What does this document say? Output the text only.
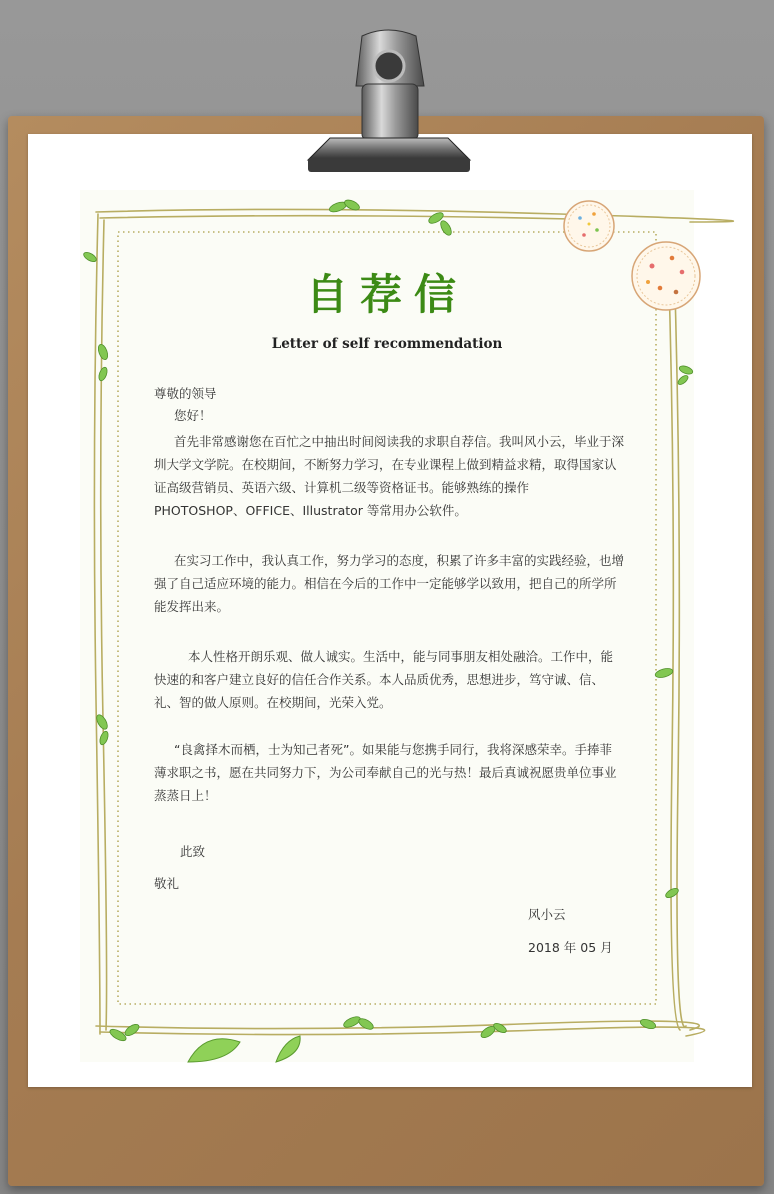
自荐信
Letter of self recommendation
尊敬的领导
您好！
首先非常感谢您在百忙之中抽出时间阅读我的求职自荐信。我叫风小云，毕业于深圳大学文学院。在校期间，不断努力学习，在专业课程上做到精益求精，取得国家认证高级营销员、英语六级、计算机二级等资格证书。能够熟练的操作 PHOTOSHOP、OFFICE、Illustrator 等常用办公软件。
在实习工作中，我认真工作，努力学习的态度，积累了许多丰富的实践经验，也增强了自己适应环境的能力。相信在今后的工作中一定能够学以致用，把自己的所学所能发挥出来。
本人性格开朗乐观、做人诚实。生活中，能与同事朋友相处融洽。工作中，能快速的和客户建立良好的信任合作关系。本人品质优秀，思想进步，笃守诚、信、礼、智的做人原则。在校期间，光荣入党。
“良禽择木而栖，士为知己者死”。如果能与您携手同行，我将深感荣幸。手捧菲薄求职之书，愿在共同努力下，为公司奉献自己的光与热！最后真诚祝愿贵单位事业蒸蒸日上！
此致
敬礼
风小云
2018 年 05 月
